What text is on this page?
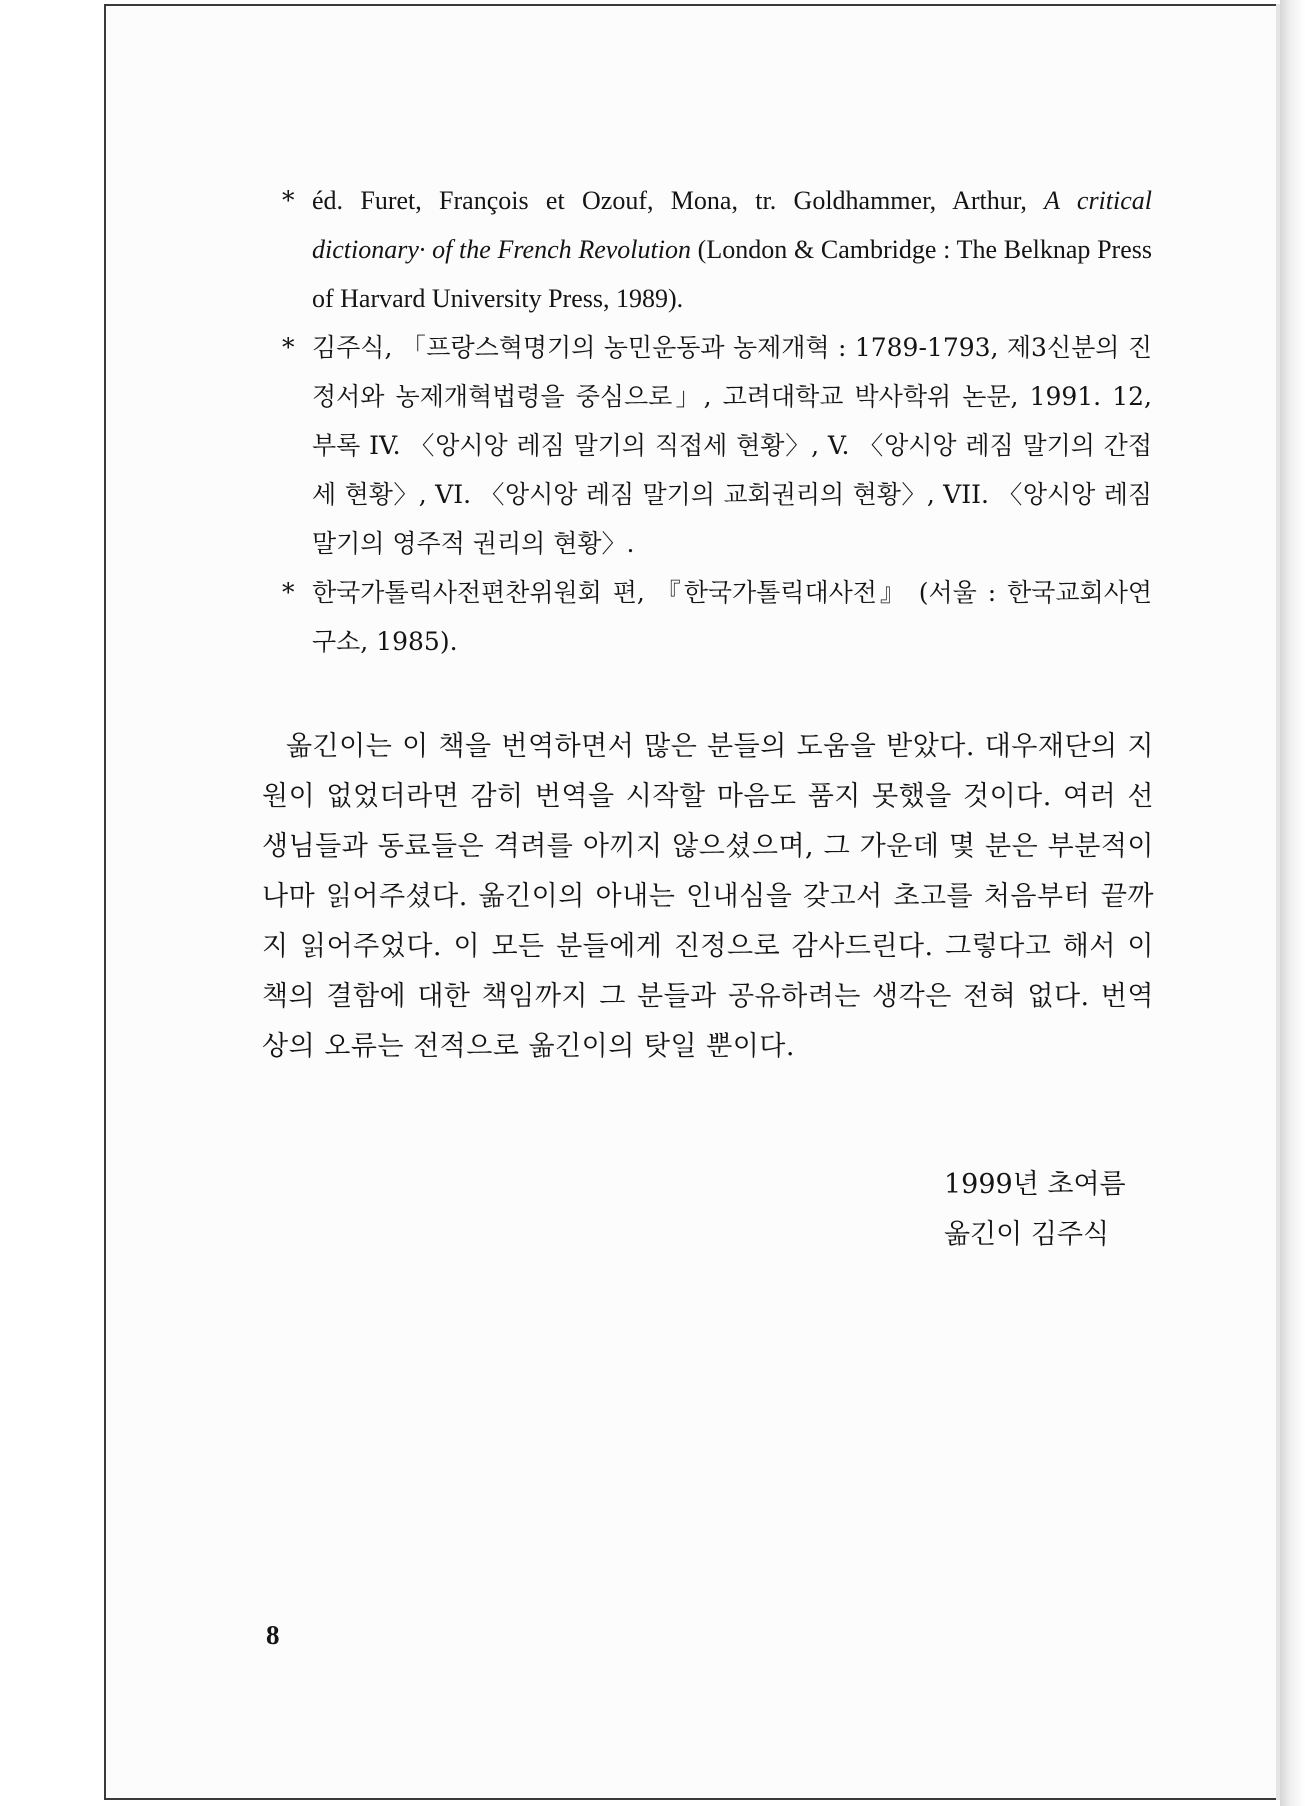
* éd. Furet, François et Ozouf, Mona, tr. Goldhammer, Arthur, A critical dictionary· of the French Revolution (London & Cambridge : The Belknap Press of Harvard University Press, 1989).
* 김주식, 「프랑스혁명기의 농민운동과 농제개혁 : 1789-1793, 제3신분의 진정서와 농제개혁법령을 중심으로」, 고려대학교 박사학위 논문, 1991. 12, 부록 IV. 〈앙시앙 레짐 말기의 직접세 현황〉, V. 〈앙시앙 레짐 말기의 간접세 현황〉, VI. 〈앙시앙 레짐 말기의 교회권리의 현황〉, VII. 〈앙시앙 레짐 말기의 영주적 권리의 현황〉.
* 한국가톨릭사전편찬위원회 편, 『한국가톨릭대사전』 (서울 : 한국교회사연구소, 1985).
옮긴이는 이 책을 번역하면서 많은 분들의 도움을 받았다. 대우재단의 지원이 없었더라면 감히 번역을 시작할 마음도 품지 못했을 것이다. 여러 선생님들과 동료들은 격려를 아끼지 않으셨으며, 그 가운데 몇 분은 부분적이나마 읽어주셨다. 옮긴이의 아내는 인내심을 갖고서 초고를 처음부터 끝까지 읽어주었다. 이 모든 분들에게 진정으로 감사드린다. 그렇다고 해서 이 책의 결함에 대한 책임까지 그 분들과 공유하려는 생각은 전혀 없다. 번역상의 오류는 전적으로 옮긴이의 탓일 뿐이다.
1999년 초여름
옮긴이 김주식
8
